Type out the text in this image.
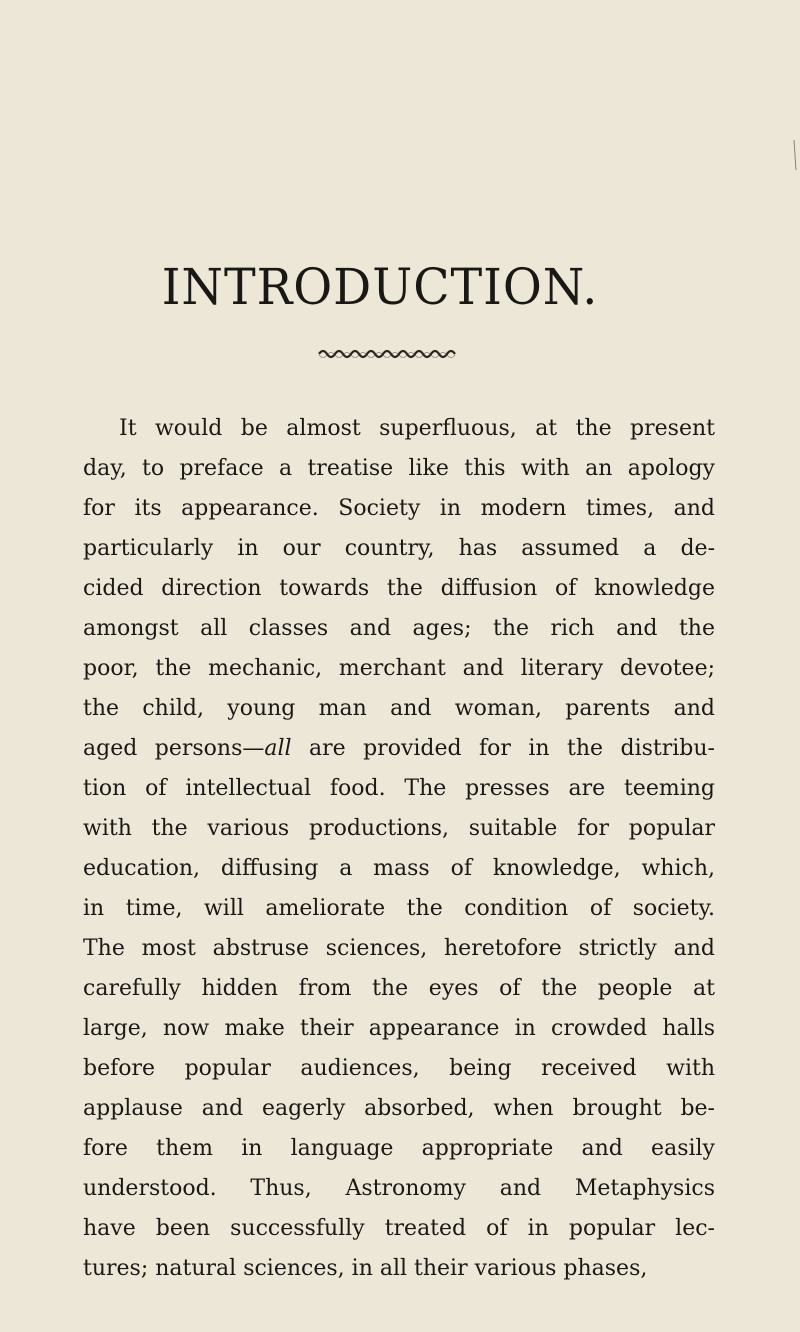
INTRODUCTION.
It would be almost superfluous, at the present
day, to preface a treatise like this with an apology
for its appearance. Society in modern times, and
particularly in our country, has assumed a de-
cided direction towards the diffusion of knowledge
amongst all classes and ages; the rich and the
poor, the mechanic, merchant and literary devotee;
the child, young man and woman, parents and
aged persons—all are provided for in the distribu-
tion of intellectual food. The presses are teeming
with the various productions, suitable for popular
education, diffusing a mass of knowledge, which,
in time, will ameliorate the condition of society.
The most abstruse sciences, heretofore strictly and
carefully hidden from the eyes of the people at
large, now make their appearance in crowded halls
before popular audiences, being received with
applause and eagerly absorbed, when brought be-
fore them in language appropriate and easily
understood. Thus, Astronomy and Metaphysics
have been successfully treated of in popular lec-
tures; natural sciences, in all their various phases,
